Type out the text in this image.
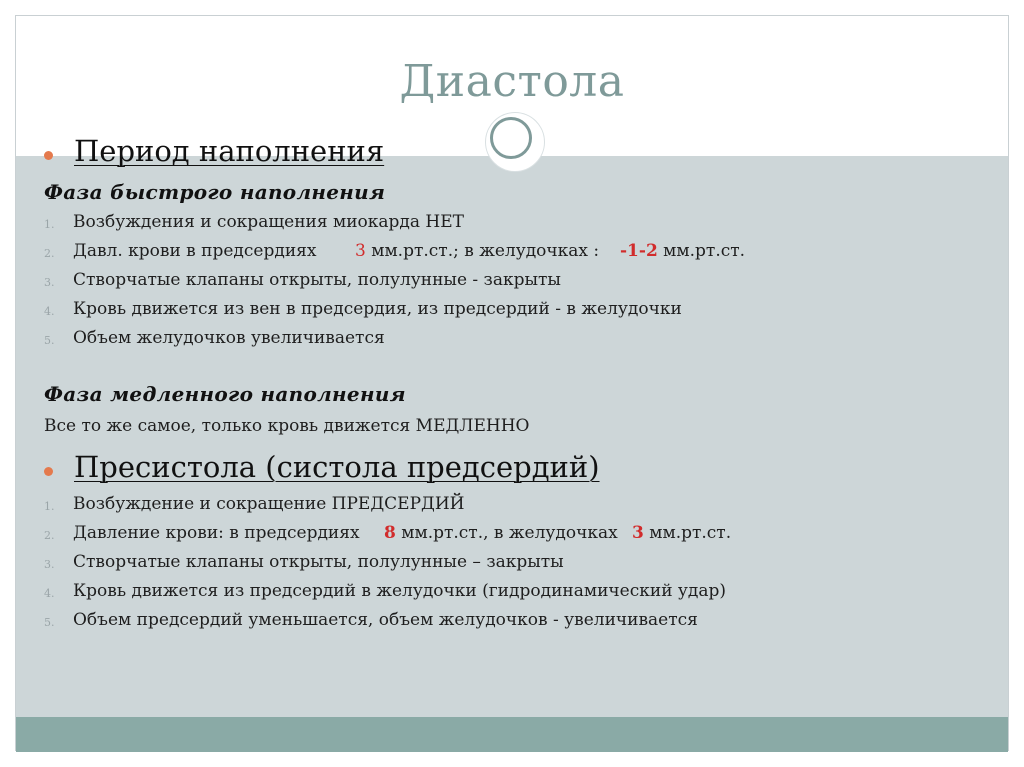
Диастола
Период наполнения
Фаза быстрого наполнения
1. Возбуждения и сокращения миокарда НЕТ
2. Давл. крови в предсердиях 3 мм.рт.ст.; в желудочках : -1-2 мм.рт.ст.
3. Створчатые клапаны открыты, полулунные - закрыты
4. Кровь движется из вен в предсердия, из предсердий - в желудочки
5. Объем желудочков увеличивается
Фаза медленного наполнения
Все то же самое, только кровь движется МЕДЛЕННО
Пресистола (систола предсердий)
1. Возбуждение и сокращение ПРЕДСЕРДИЙ
2. Давление крови: в предсердиях 8 мм.рт.ст., в желудочках 3 мм.рт.ст.
3. Створчатые клапаны открыты, полулунные – закрыты
4. Кровь движется из предсердий в желудочки (гидродинамический удар)
5. Объем предсердий уменьшается, объем желудочков - увеличивается
